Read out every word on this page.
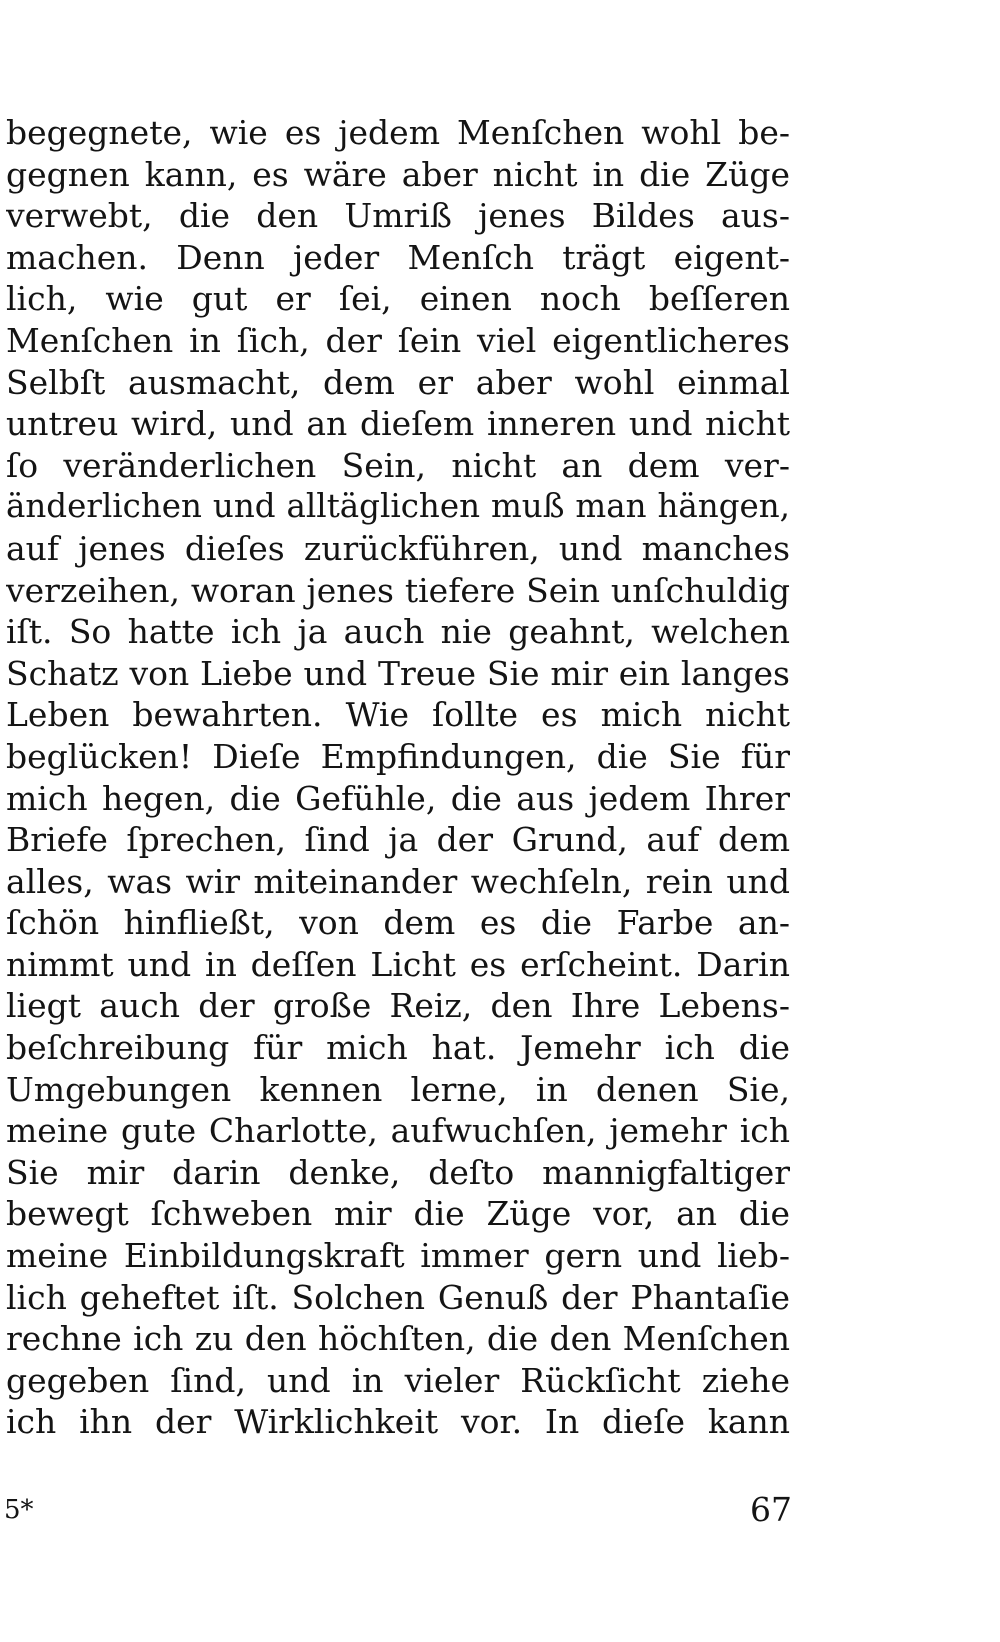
begegnete, wie es jedem Menſchen wohl be-
gegnen kann, es wäre aber nicht in die Züge
verwebt, die den Umriß jenes Bildes aus-
machen. Denn jeder Menſch trägt eigent-
lich, wie gut er ſei, einen noch beſſeren
Menſchen in ſich, der ſein viel eigentlicheres
Selbſt ausmacht, dem er aber wohl einmal
untreu wird, und an dieſem inneren und nicht
ſo veränderlichen Sein, nicht an dem ver-
änderlichen und alltäglichen muß man hängen,
auf jenes dieſes zurückführen, und manches
verzeihen, woran jenes tiefere Sein unſchuldig
iſt. So hatte ich ja auch nie geahnt, welchen
Schatz von Liebe und Treue Sie mir ein langes
Leben bewahrten. Wie ſollte es mich nicht
beglücken! Dieſe Empfindungen, die Sie für
mich hegen, die Gefühle, die aus jedem Ihrer
Briefe ſprechen, ſind ja der Grund, auf dem
alles, was wir miteinander wechſeln, rein und
ſchön hinfließt, von dem es die Farbe an-
nimmt und in deſſen Licht es erſcheint. Darin
liegt auch der große Reiz, den Ihre Lebens-
beſchreibung für mich hat. Jemehr ich die
Umgebungen kennen lerne, in denen Sie,
meine gute Charlotte, aufwuchſen, jemehr ich
Sie mir darin denke, deſto mannigfaltiger
bewegt ſchweben mir die Züge vor, an die
meine Einbildungskraft immer gern und lieb-
lich geheftet iſt. Solchen Genuß der Phantaſie
rechne ich zu den höchſten, die den Menſchen
gegeben ſind, und in vieler Rückſicht ziehe
ich ihn der Wirklichkeit vor. In dieſe kann
5*	67
